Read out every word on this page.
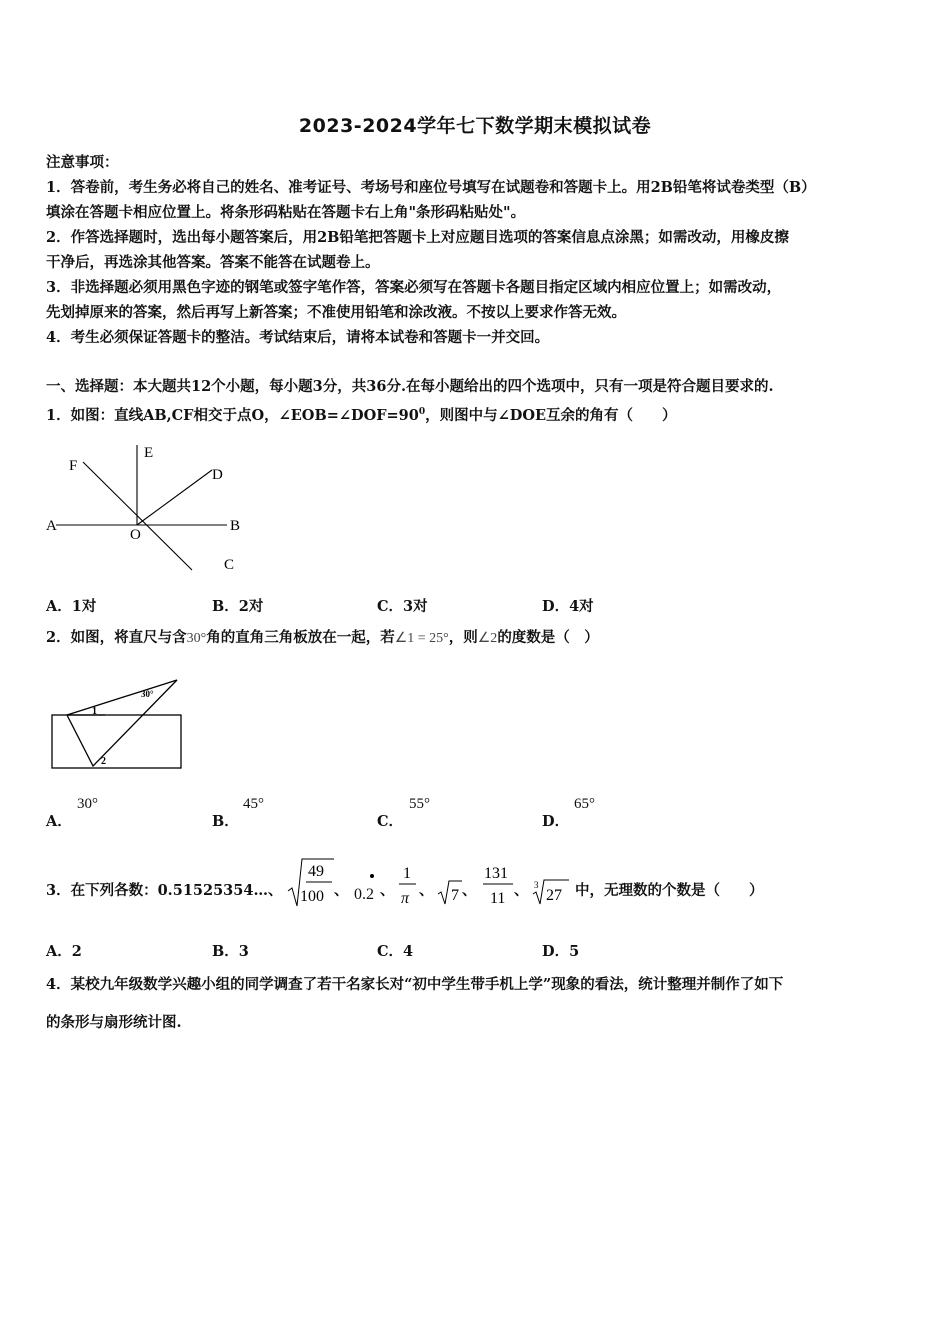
2023-2024学年七下数学期末模拟试卷
注意事项：
1．答卷前，考生务必将自己的姓名、准考证号、考场号和座位号填写在试题卷和答题卡上。用2B铅笔将试卷类型（B）
填涂在答题卡相应位置上。将条形码粘贴在答题卡右上角"条形码粘贴处"。
2．作答选择题时，选出每小题答案后，用2B铅笔把答题卡上对应题目选项的答案信息点涂黑；如需改动，用橡皮擦
干净后，再选涂其他答案。答案不能答在试题卷上。
3．非选择题必须用黑色字迹的钢笔或签字笔作答，答案必须写在答题卡各题目指定区域内相应位置上；如需改动，
先划掉原来的答案，然后再写上新答案；不准使用铅笔和涂改液。不按以上要求作答无效。
4．考生必须保证答题卡的整洁。考试结束后，请将本试卷和答题卡一并交回。
一、选择题：本大题共12个小题，每小题3分，共36分.在每小题给出的四个选项中，只有一项是符合题目要求的.
1．如图：直线AB,CF相交于点O，$\angle EOB=\angle DOF=90^0$，则图中与∠DOE互余的角有（　　）
A	B
C
D
E
F
O
A．1对	B．2对	C．3对	D．4对
2．如图，将直尺与含30°角的直角三角板放在一起，若∠1 = 25°，则∠2的度数是（　）
30°
1
2
A．
30°
B．
45°
C．
55°
D．
65°
3．在下列各数：0.51525354…、
49
100 、 0.2 、
1
π 、 7 、
131
11 、 3
27 中，无理数的个数是（　　）
A．2	B．3	C．4	D．5
4．某校九年级数学兴趣小组的同学调查了若干名家长对“初中学生带手机上学”现象的看法，统计整理并制作了如下
的条形与扇形统计图.
